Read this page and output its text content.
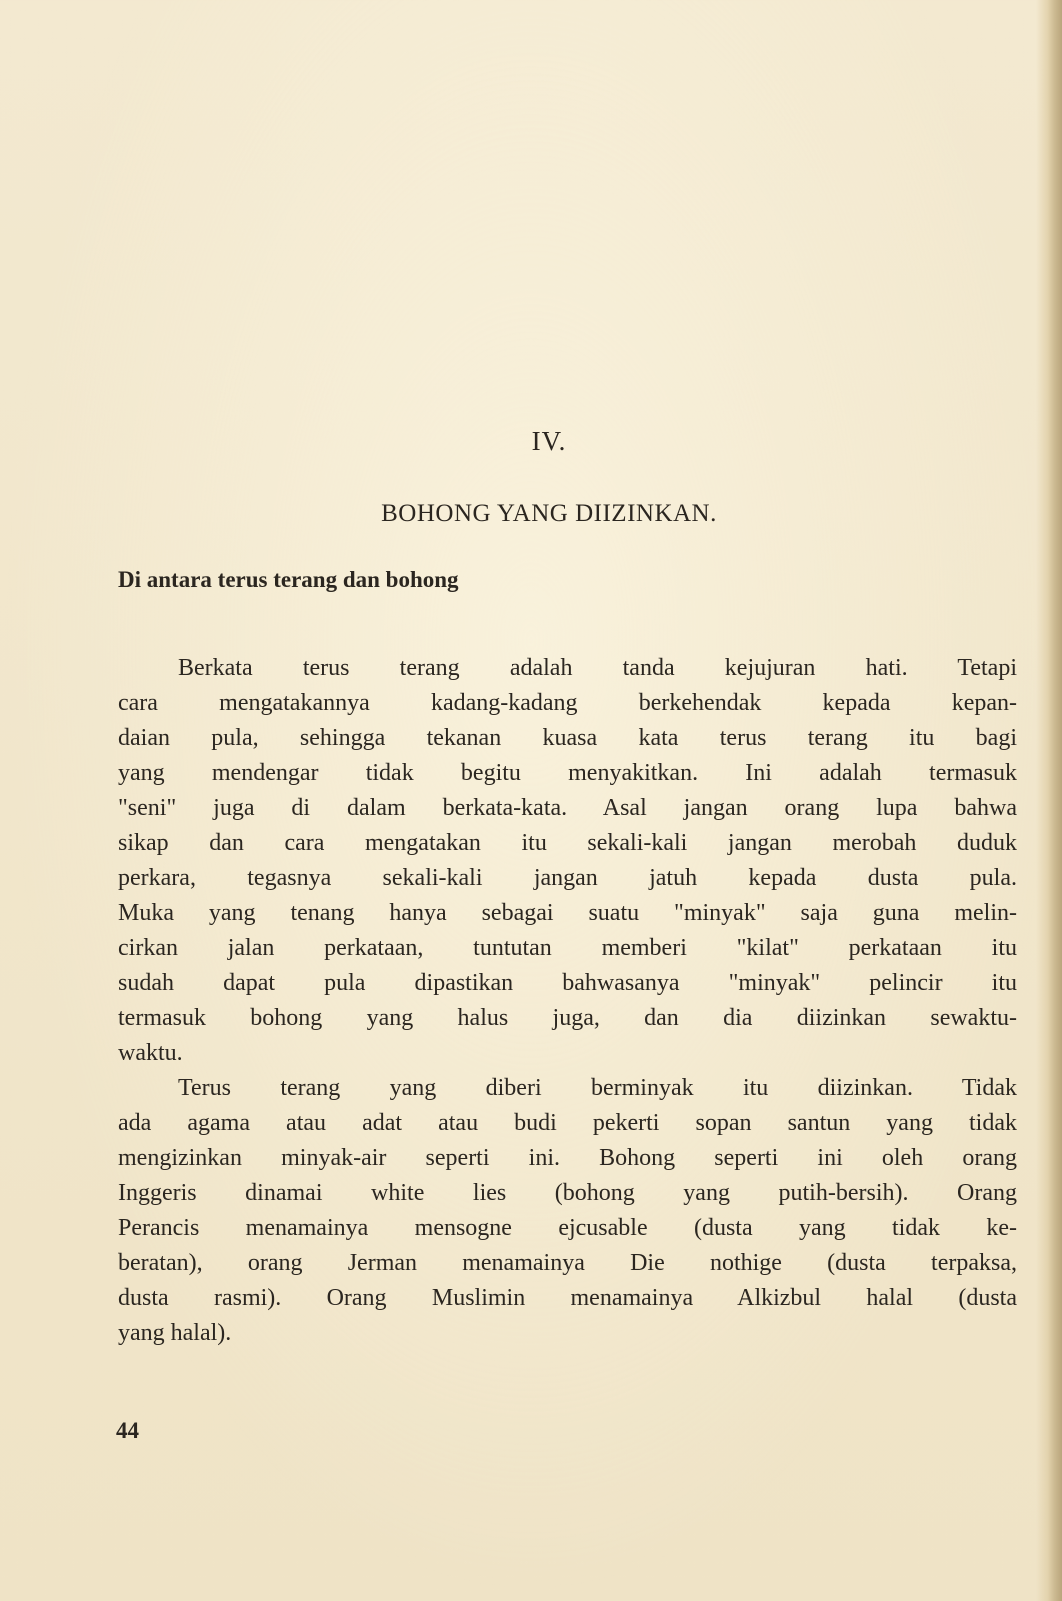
IV.
BOHONG YANG DIIZINKAN.
Di antara terus terang dan bohong
Berkata terus terang adalah tanda kejujuran hati. Tetapi
cara mengatakannya kadang-kadang berkehendak kepada kepan-
daian pula, sehingga tekanan kuasa kata terus terang itu bagi
yang mendengar tidak begitu menyakitkan. Ini adalah termasuk
"seni" juga di dalam berkata-kata. Asal jangan orang lupa bahwa
sikap dan cara mengatakan itu sekali-kali jangan merobah duduk
perkara, tegasnya sekali-kali jangan jatuh kepada dusta pula.
Muka yang tenang hanya sebagai suatu "minyak" saja guna melin-
cirkan jalan perkataan, tuntutan memberi "kilat" perkataan itu
sudah dapat pula dipastikan bahwasanya "minyak" pelincir itu
termasuk bohong yang halus juga, dan dia diizinkan sewaktu-
waktu.
Terus terang yang diberi berminyak itu diizinkan. Tidak
ada agama atau adat atau budi pekerti sopan santun yang tidak
mengizinkan minyak-air seperti ini. Bohong seperti ini oleh orang
Inggeris dinamai white lies (bohong yang putih-bersih). Orang
Perancis menamainya mensogne ejcusable (dusta yang tidak ke-
beratan), orang Jerman menamainya Die nothige (dusta terpaksa,
dusta rasmi). Orang Muslimin menamainya Alkizbul halal (dusta
yang halal).
44
